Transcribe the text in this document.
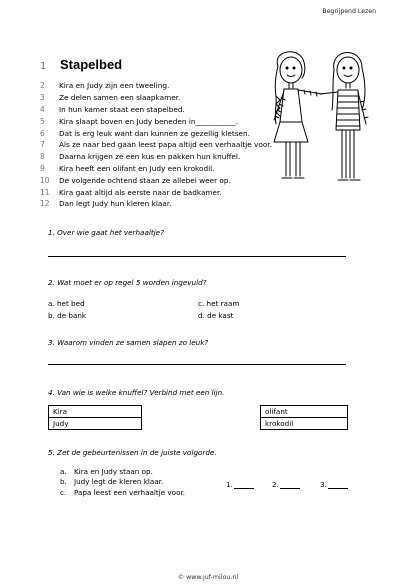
Begrijpend Lezen
1 Stapelbed
2	Kira en Judy zijn een tweeling.
3	Ze delen samen een slaapkamer.
4	In hun kamer staat een stapelbed.
5	Kira slaapt boven en Judy beneden in___________.
6	Dat is erg leuk want dan kunnen ze gezellig kletsen.
7	Als ze naar bed gaan leest papa altijd een verhaaltje voor.
8	Daarna krijgen ze een kus en pakken hun knuffel.
9	Kira heeft een olifant en Judy een krokodil.
10	De volgende ochtend staan ze allebei weer op.
11	Kira gaat altijd als eerste naar de badkamer.
12	Dan legt Judy hun kleren klaar.
1. Over wie gaat het verhaaltje?
2. Wat moet er op regel 5 worden ingevuld?
a. het bed	c. het raam
b. de bank	d. de kast
3. Waarom vinden ze samen slapen zo leuk?
4. Van wie is welke knuffel? Verbind met een lijn.
Kira
Judy
olifant
krokodil
5. Zet de gebeurtenissen in de juiste volgorde.
a.	Kira en Judy staan op.
b. Judy legt de kleren klaar.
c.	Papa leest een verhaaltje voor.
1.	2.	3.
© www.juf-milou.nl
